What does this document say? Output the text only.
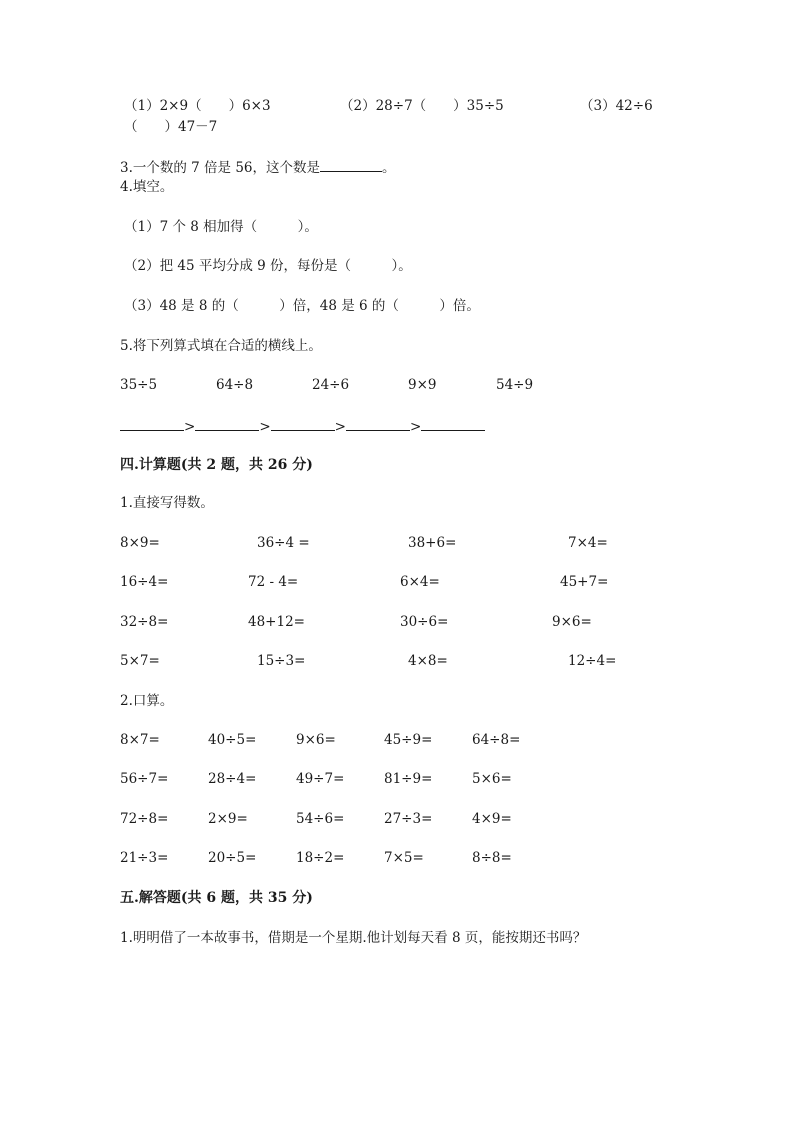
（1）2×9（　　）6×3	（2）28÷7（　　）35÷5	（3）42÷6
（　　）47－7
3.一个数的 7 倍是 56，这个数是	。
4.填空。
（1）7 个 8 相加得（　　　）。
（2）把 45 平均分成 9 份，每份是（　　　）。
（3）48 是 8 的（　　　）倍，48 是 6 的（　　　）倍。
5.将下列算式填在合适的横线上。
35÷5	64÷8	24÷6	9×9	54÷9
>	>	>	>
四.计算题(共 2 题，共 26 分)
1.直接写得数。
8×9=	36÷4 =	38+6=	7×4=
16÷4=	72 - 4=	6×4=	45+7=
32÷8=	48+12=	30÷6=	9×6=
5×7=	15÷3=	4×8=	12÷4=
2.口算。
8×7=	40÷5=	9×6=	45÷9=	64÷8=
56÷7=	28÷4=	49÷7=	81÷9=	5×6=
72÷8=	2×9=	54÷6=	27÷3=	4×9=
21÷3=	20÷5=	18÷2=	7×5=	8÷8=
五.解答题(共 6 题，共 35 分)
1.明明借了一本故事书，借期是一个星期.他计划每天看 8 页，能按期还书吗？
